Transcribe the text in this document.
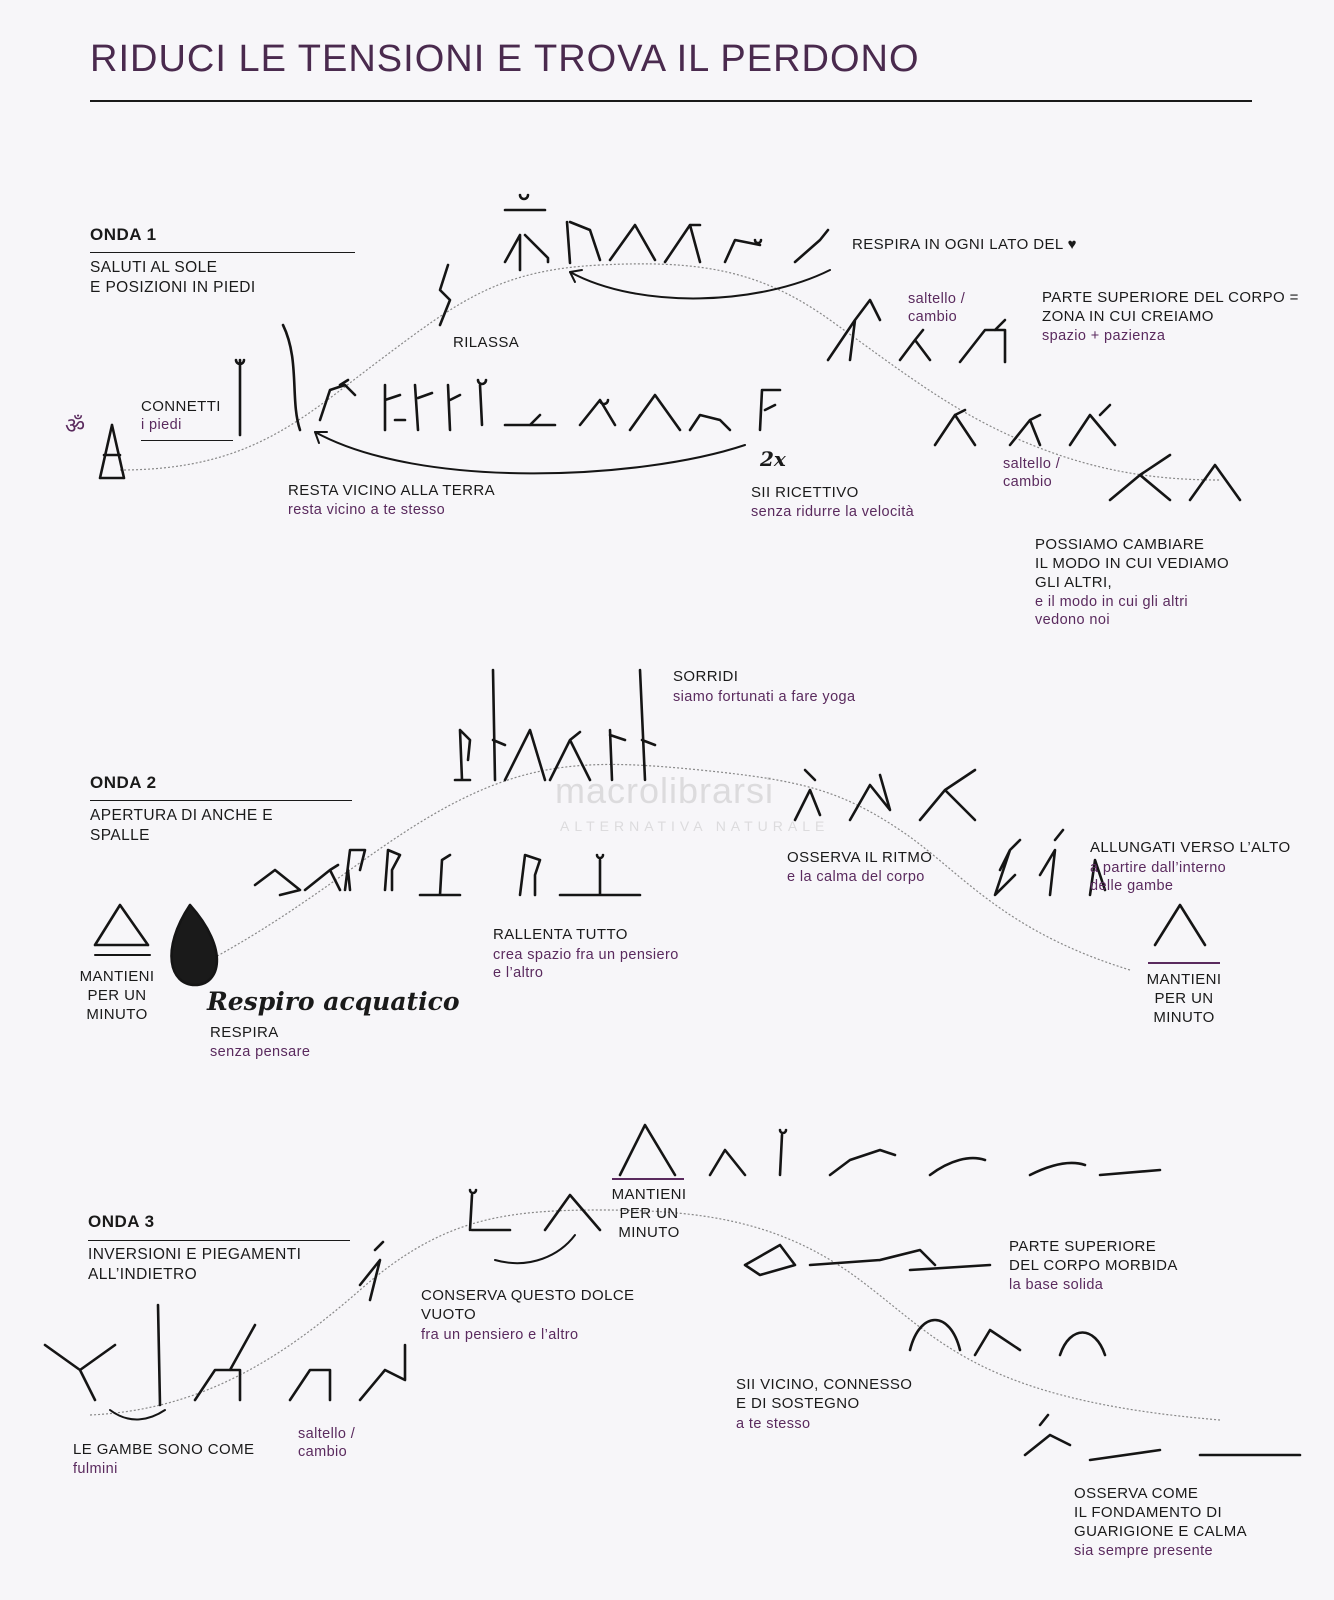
RIDUCI LE TENSIONI E TROVA IL PERDONO
macrolibrarsi
ALTERNATIVA NATURALE
ONDA 1
SALUTI AL SOLE
E POSIZIONI IN PIEDI
ॐ
CONNETTI
i piedi
RILASSA
RESPIRA IN OGNI LATO DEL ♥
saltello /
cambio
PARTE SUPERIORE DEL CORPO =
ZONA IN CUI CREIAMO
spazio + pazienza
2x
RESTA VICINO ALLA TERRA
resta vicino a te stesso
SII RICETTIVO
senza ridurre la velocità
saltello /
cambio
POSSIAMO CAMBIARE
IL MODO IN CUI VEDIAMO
GLI ALTRI,
e il modo in cui gli altri
vedono noi
ONDA 2
APERTURA DI ANCHE E
SPALLE
SORRIDI
siamo fortunati a fare yoga
MANTIENI
PER UN
MINUTO	Respiro acquatico
RESPIRA
senza pensare
RALLENTA TUTTO
crea spazio fra un pensiero
e l’altro
OSSERVA IL RITMO
e la calma del corpo
ALLUNGATI VERSO L’ALTO
a partire dall’interno
delle gambe
MANTIENI
PER UN
MINUTO
ONDA 3
INVERSIONI E PIEGAMENTI
ALL’INDIETRO
MANTIENI
PER UN
MINUTO
CONSERVA QUESTO DOLCE
VUOTO
fra un pensiero e l’altro
PARTE SUPERIORE
DEL CORPO MORBIDA
la base solida
SII VICINO, CONNESSO
E DI SOSTEGNO
a te stesso
LE GAMBE SONO COME
fulmini
saltello /
cambio
OSSERVA COME
IL FONDAMENTO DI
GUARIGIONE E CALMA
sia sempre presente
